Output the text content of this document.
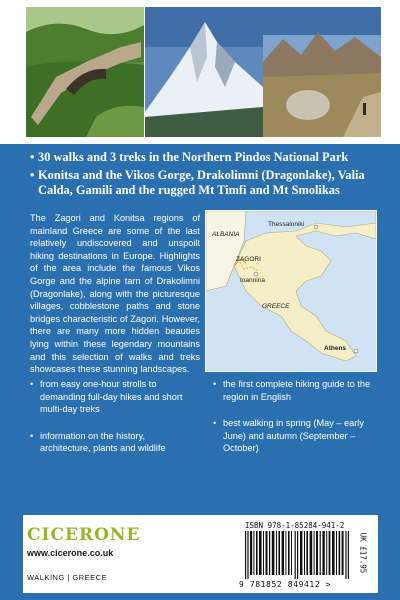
• 30 walks and 3 treks in the Northern Pindos National Park
• Konitsa and the Vikos Gorge, Drakolimni (Dragonlake), Valia Calda, Gamili and the rugged Mt Timfi and Mt Smolikas

The Zagori and Konitsa regions of mainland Greece are some of the last relatively undiscovered and unspoilt hiking destinations in Europe. Highlights of the area include the famous Vikos Gorge and the alpine tarn of Drakolimni (Dragonlake), along with the picturesque villages, cobblestone paths and stone bridges characteristic of Zagori. However, there are many more hidden beauties lying within these legendary mountains and this selection of walks and treks showcases these stunning landscapes.

Thessaloniki
ALBANIA
ZAGORI
Ioannina
GREECE
Athens
• from easy one-hour strolls to demanding full-day hikes and short multi-day treks
• information on the history, architecture, plants and wildlife
• the first complete hiking guide to the region in English
• best walking in spring (May – early June) and autumn (September – October)
CICERONE
www.cicerone.co.uk
WALKING | GREECE
ISBN 978-1-85284-941-2
9 781852 849412 >
UK £17.95
